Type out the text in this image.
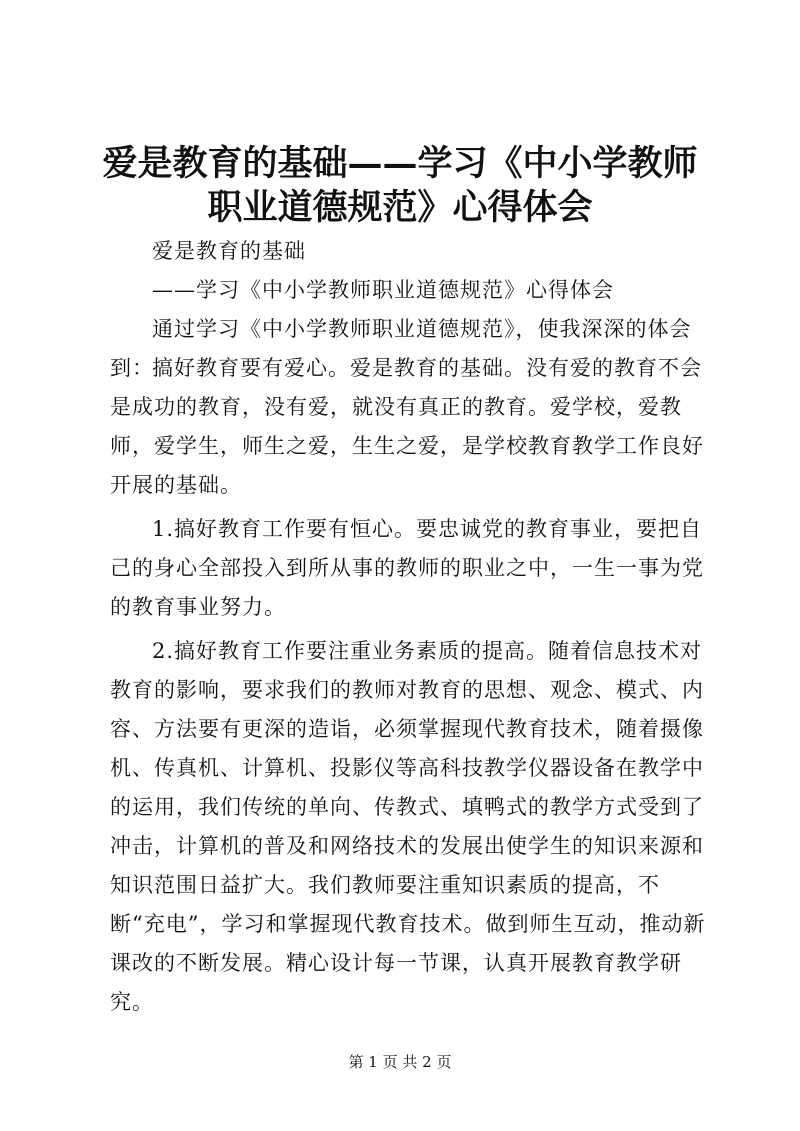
爱是教育的基础——学习《中小学教师职业道德规范》心得体会

爱是教育的基础

——学习《中小学教师职业道德规范》心得体会

通过学习《中小学教师职业道德规范》，使我深深的体会到：

搞好教育要有爱心。爱是教育的基础。没有爱的教育不会是成功的教育，没有爱，就没有真正的教育。爱学校，爱教师，爱学生，师生之爱，生生之爱，是学校教育教学工作良好开展的基础。

1.搞好教育工作要有恒心。要忠诚党的教育事业，要把自己的身心全部投入到所从事的教师的职业之中，一生一事为党的教育事业努力。

2.搞好教育工作要注重业务素质的提高。随着信息技术对教育的影响，要求我们的教师对教育的思想、观念、模式、内容、方法要有更深的造诣，必须掌握现代教育技术，随着摄像机、传真机、计算机、投影仪等高科技教学仪器设备在教学中的运用，我们传统的单向、传教式、填鸭式的教学方式受到了冲击，计算机的普及和网络技术的发展出使学生的知识来源和知识范围日益扩大。我们教师要注重知识素质的提高，不断“充电”，学习和掌握现代教育技术。做到师生互动，推动新课改的不断发展。精心设计每一节课，认真开展教育教学研究。

第 1 页 共 2 页
